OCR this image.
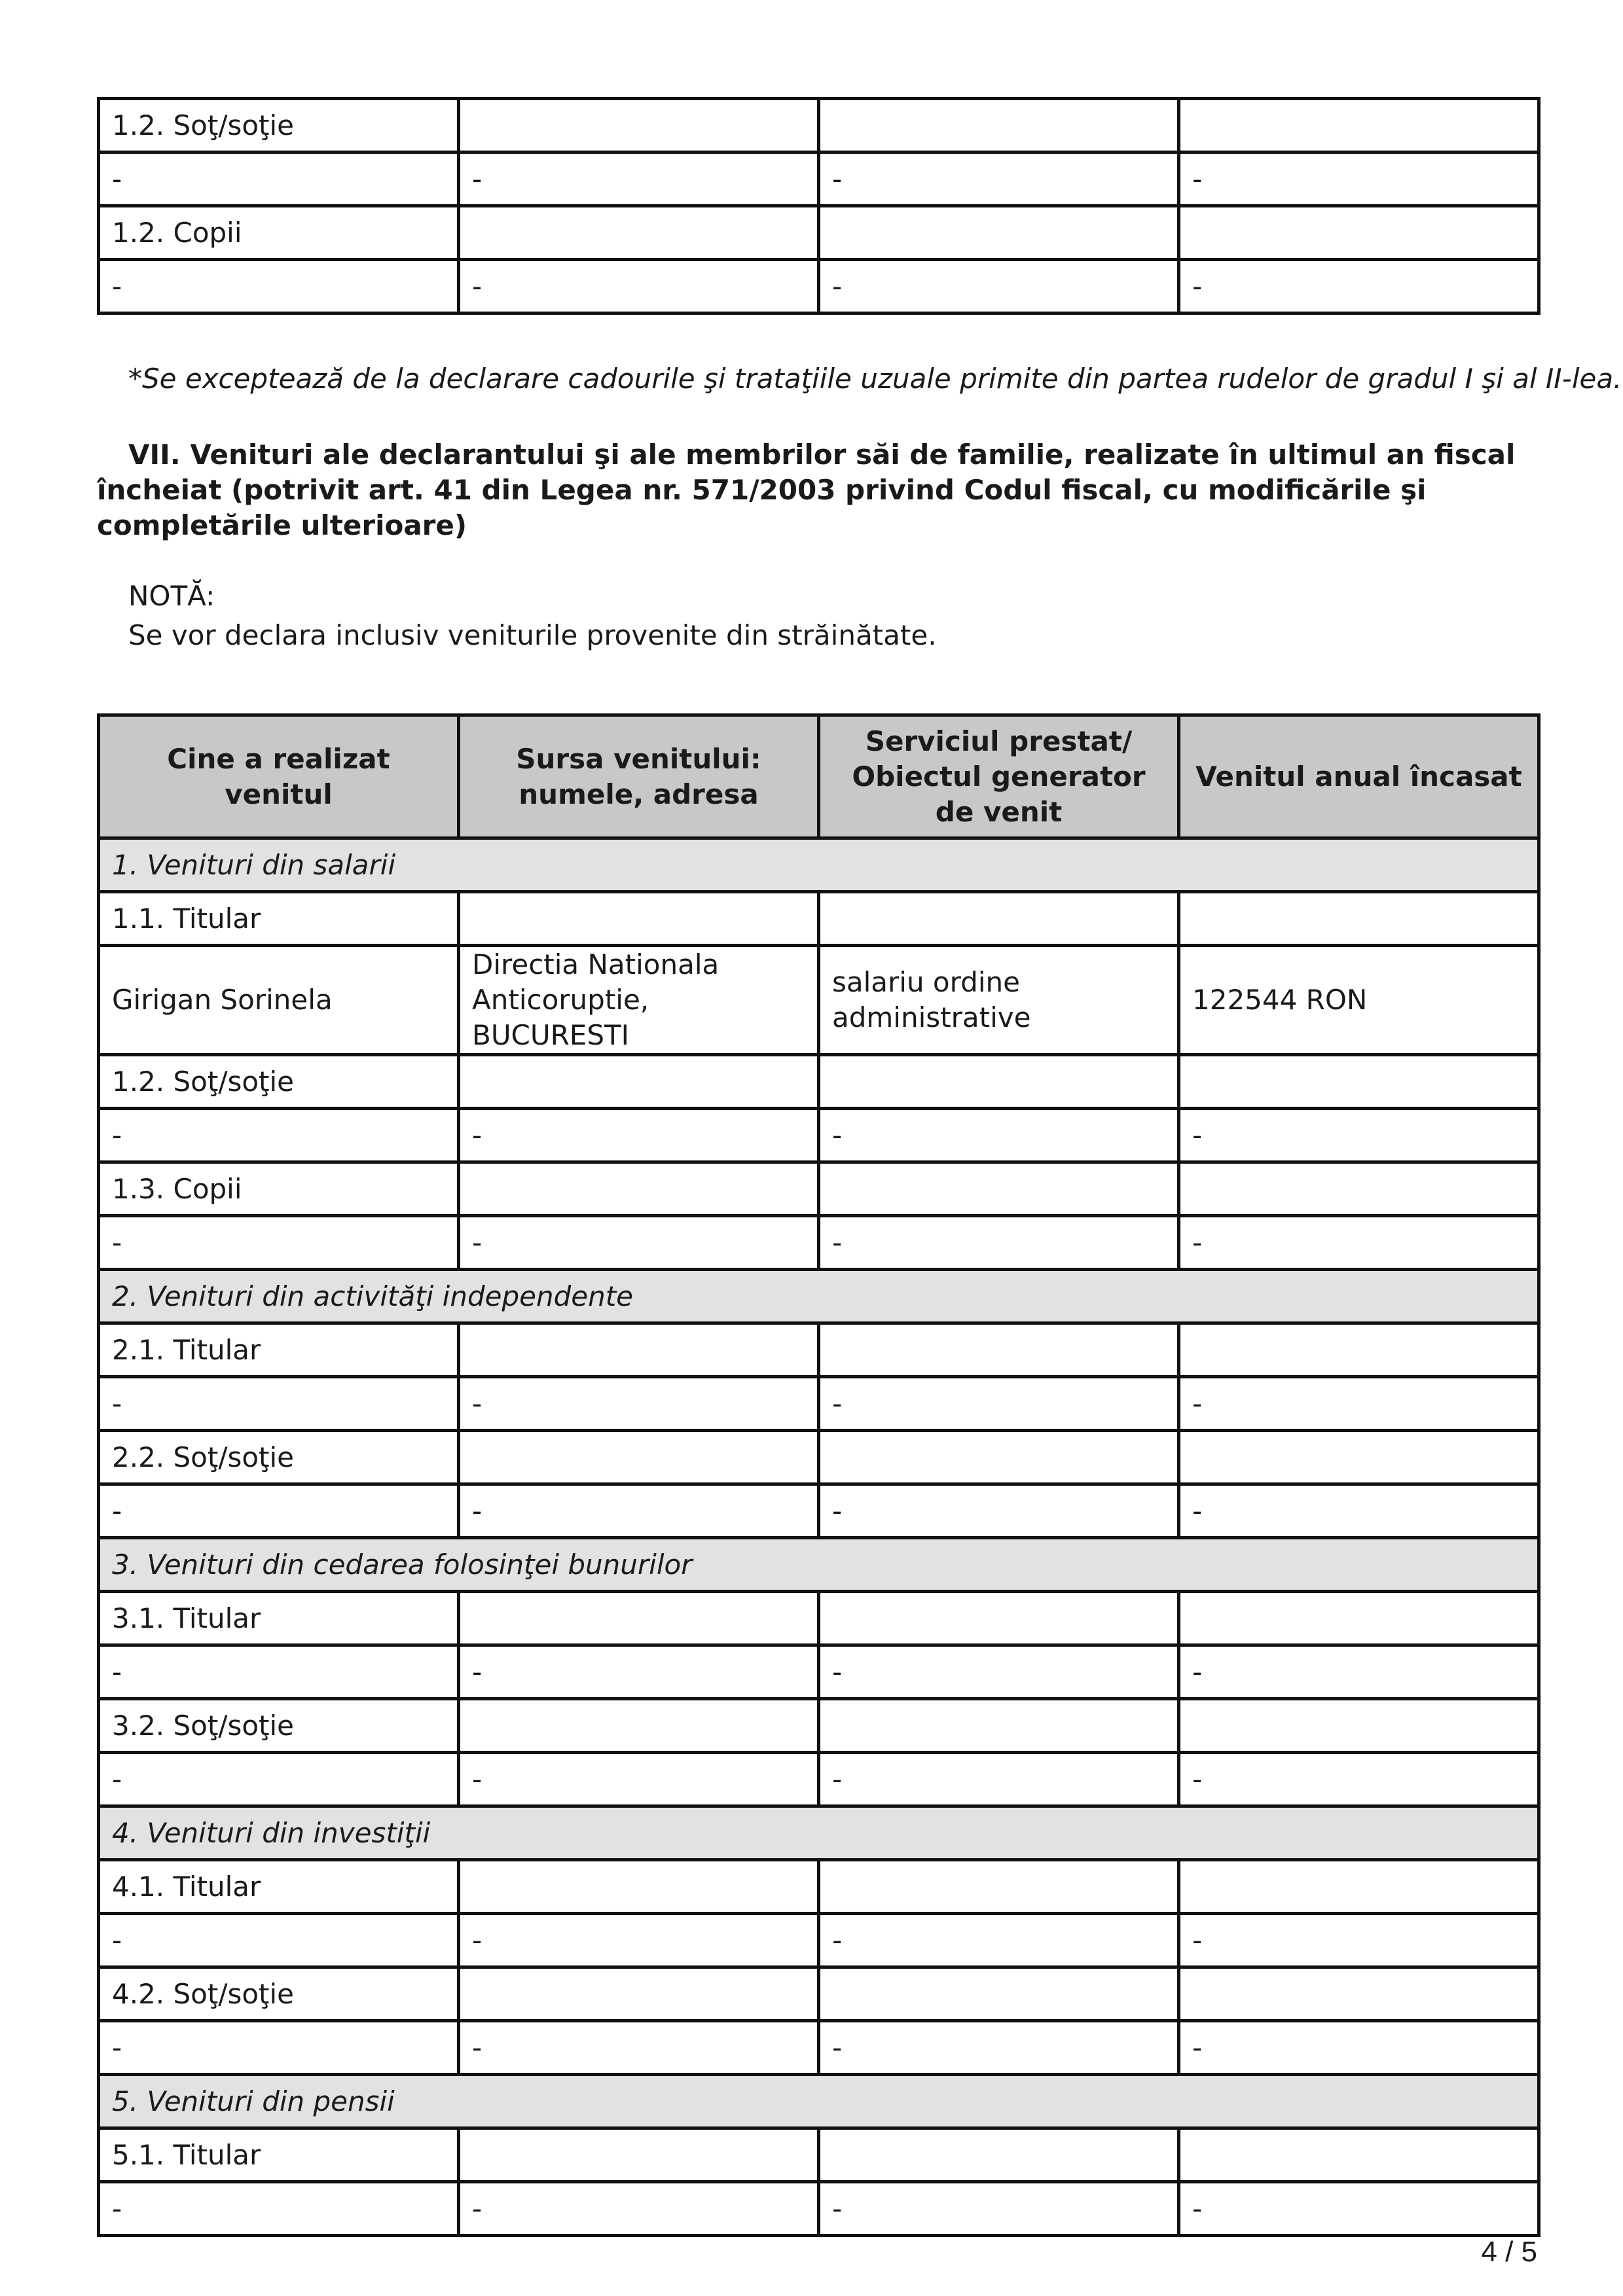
1.2. Soţ/soţie			
-	-	-	-
1.2. Copii			
-	-	-	-
*Se exceptează de la declarare cadourile şi trataţiile uzuale primite din partea rudelor de gradul I şi al II-lea.
VII. Venituri ale declarantului şi ale membrilor săi de familie, realizate în ultimul an fiscal încheiat (potrivit art. 41 din Legea nr. 571/2003 privind Codul fiscal, cu modificările şi completările ulterioare)
NOTĂ:
Se vor declara inclusiv veniturile provenite din străinătate.
Cine a realizat venitul	Sursa venitului: numele, adresa	Serviciul prestat/ Obiectul generator de venit	Venitul anual încasat
1. Venituri din salarii			
1.1. Titular			
Girigan Sorinela	Directia Nationala Anticoruptie, BUCURESTI	salariu ordine administrative	122544 RON
1.2. Soţ/soţie			
-	-	-	-
1.3. Copii			
-	-	-	-
2. Venituri din activităţi independente			
2.1. Titular			
-	-	-	-
2.2. Soţ/soţie			
-	-	-	-
3. Venituri din cedarea folosinţei bunurilor			
3.1. Titular			
-	-	-	-
3.2. Soţ/soţie			
-	-	-	-
4. Venituri din investiţii			
4.1. Titular			
-	-	-	-
4.2. Soţ/soţie			
-	-	-	-
5. Venituri din pensii			
5.1. Titular			
-	-	-	-
4 / 5
